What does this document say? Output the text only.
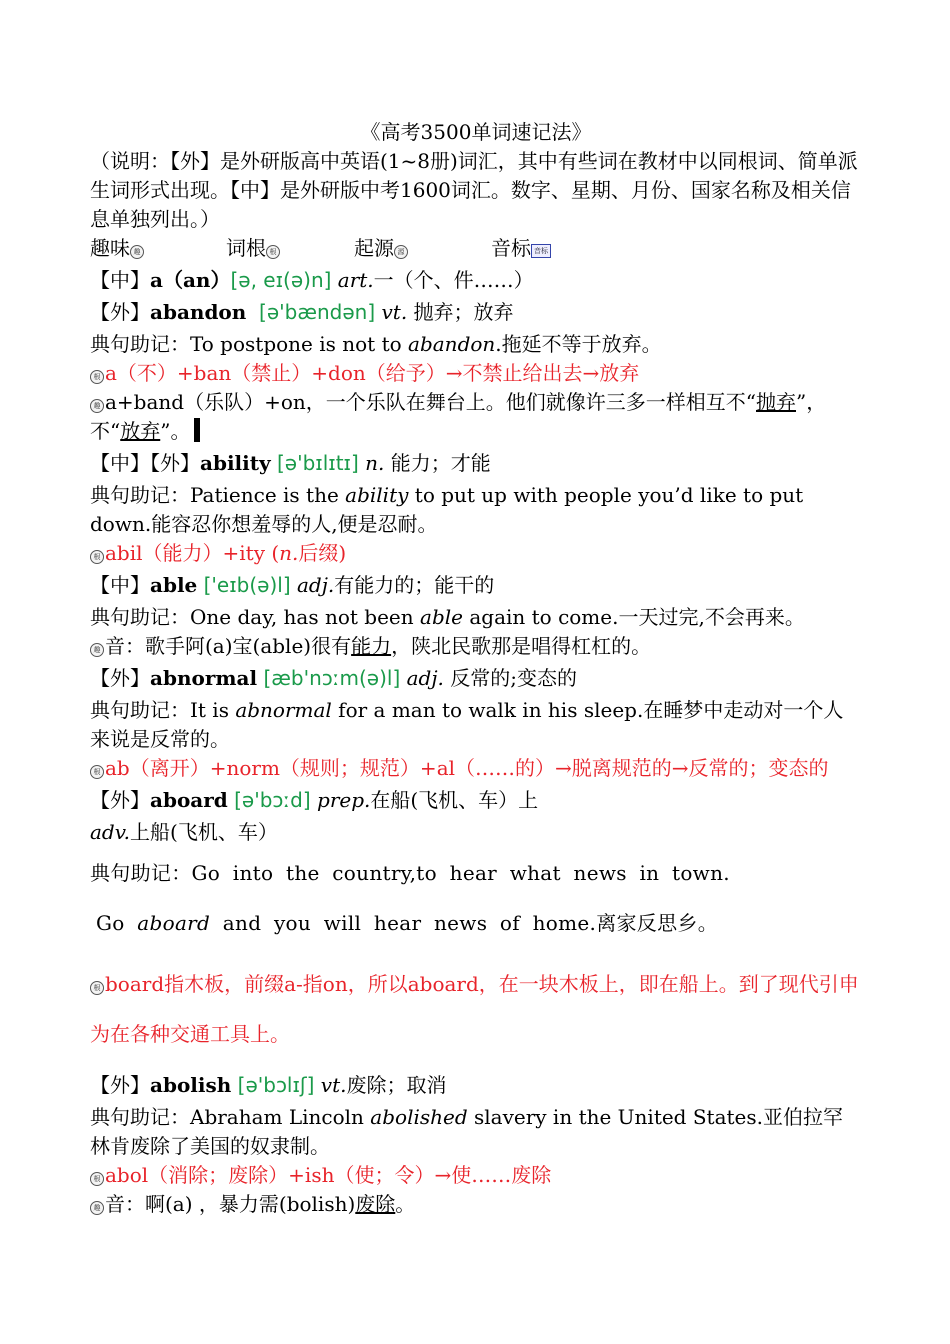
《高考3500单词速记法》

（说明：【外】是外研版高中英语(1~8册)词汇，其中有些词在教材中以同根词、简单派生词形式出现。【中】是外研版中考1600词汇。数字、星期、月份、国家名称及相关信息单独列出。）

趣味 趣	词根 根	起源 源	音标 音标

【中】a（an）[ə, eɪ(ə)n] art.一（个、件……）

【外】abandon [ə'bændən] vt. 抛弃；放弃

典句助记：To postpone is not to abandon.拖延不等于放弃。

根 a（不）+ban（禁止）+don（给予）→不禁止给出去→放弃

趣 a+band（乐队）+on，一个乐队在舞台上。他们就像许三多一样相互不“抛弃”，不“放弃”。

【中】【外】ability [ə'bɪlɪtɪ] n. 能力；才能

典句助记：Patience is the ability to put up with people you’d like to put down.能容忍你想羞辱的人,便是忍耐。

根 abil（能力）+ity (n.后缀)

【中】able ['eɪb(ə)l] adj.有能力的；能干的

典句助记：One day, has not been able again to come.一天过完,不会再来。

趣 音：歌手阿(a)宝(able)很有能力，陕北民歌那是唱得杠杠的。

【外】abnormal [æb'nɔːm(ə)l] adj. 反常的;变态的

典句助记：It is abnormal for a man to walk in his sleep.在睡梦中走动对一个人来说是反常的。

根 ab（离开）+norm（规则；规范）+al（……的）→脱离规范的→反常的；变态的

【外】aboard [ə'bɔːd] prep.在船(飞机、车）上

adv.上船(飞机、车）

典句助记：Go into the country,to hear what news in town.

Go aboard and you will hear news of home.离家反思乡。

根 board指木板，前缀a-指on，所以aboard，在一块木板上，即在船上。到了现代引申为在各种交通工具上。

【外】abolish [ə'bɔlɪʃ] vt.废除；取消

典句助记：Abraham Lincoln abolished slavery in the United States.亚伯拉罕林肯废除了美国的奴隶制。

根 abol（消除；废除）+ish（使；令）→使……废除

趣 音：啊(a) ，暴力需(bolish)废除。
